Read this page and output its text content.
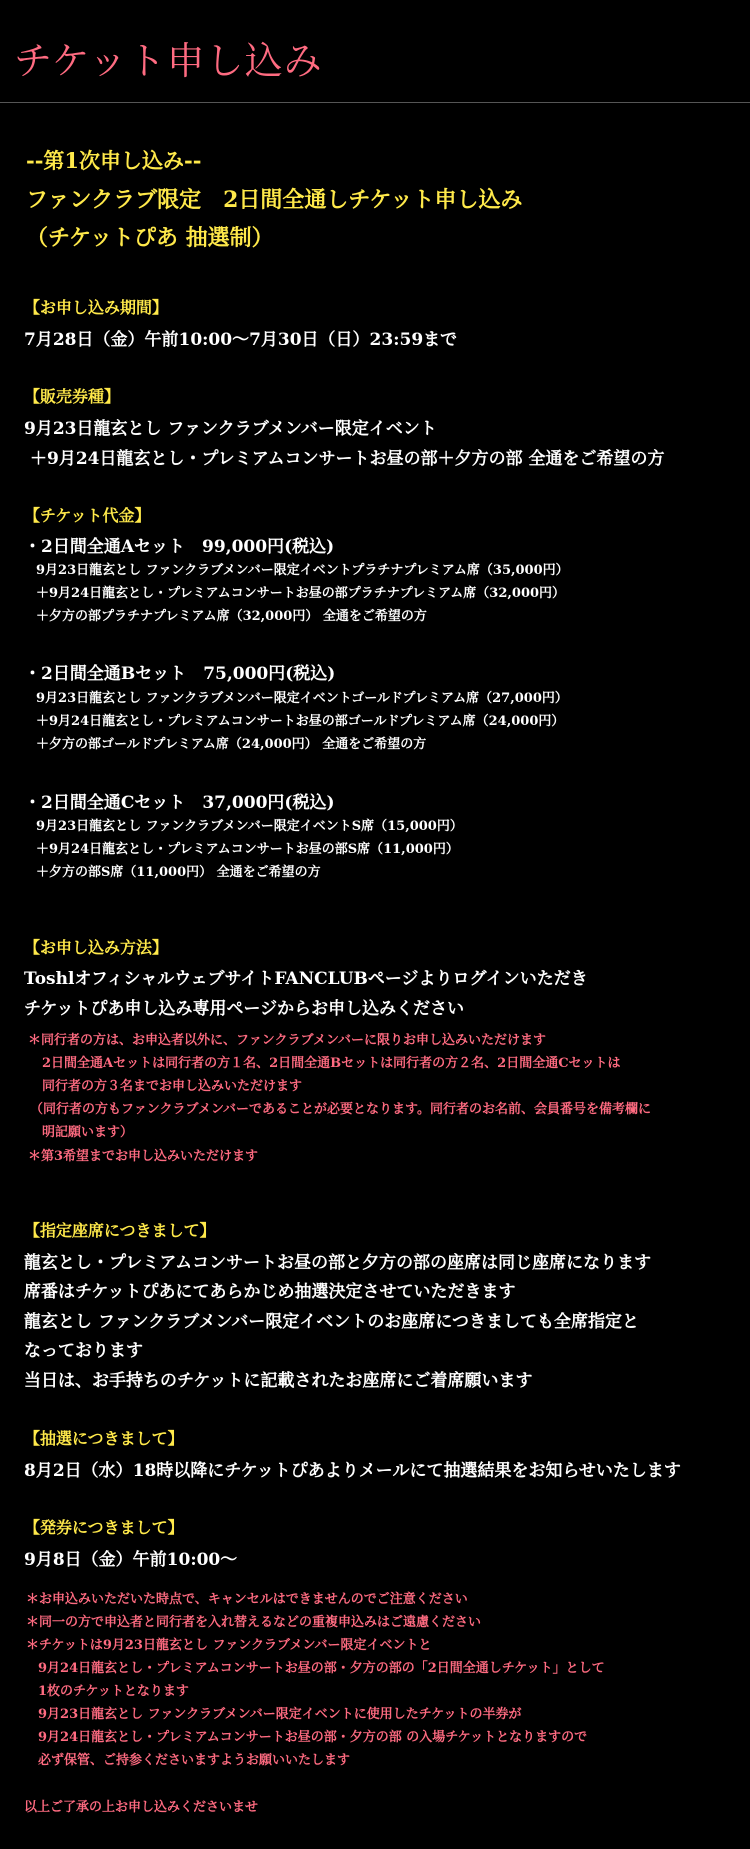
チケット申し込み
--第1次申し込み--
ファンクラブ限定　2日間全通しチケット申し込み
（チケットぴあ 抽選制）
【お申し込み期間】
7月28日（金）午前10:00〜7月30日（日）23:59まで
【販売券種】
9月23日龍玄とし ファンクラブメンバー限定イベント
＋9月24日龍玄とし・プレミアムコンサートお昼の部＋夕方の部 全通をご希望の方
【チケット代金】
・2日間全通Aセット　99,000円(税込)
9月23日龍玄とし ファンクラブメンバー限定イベントプラチナプレミアム席（35,000円）
＋9月24日龍玄とし・プレミアムコンサートお昼の部プラチナプレミアム席（32,000円）
＋夕方の部プラチナプレミアム席（32,000円） 全通をご希望の方
・2日間全通Bセット　75,000円(税込)
9月23日龍玄とし ファンクラブメンバー限定イベントゴールドプレミアム席（27,000円）
＋9月24日龍玄とし・プレミアムコンサートお昼の部ゴールドプレミアム席（24,000円）
＋夕方の部ゴールドプレミアム席（24,000円） 全通をご希望の方
・2日間全通Cセット　37,000円(税込)
9月23日龍玄とし ファンクラブメンバー限定イベントS席（15,000円）
＋9月24日龍玄とし・プレミアムコンサートお昼の部S席（11,000円）
＋夕方の部S席（11,000円） 全通をご希望の方
【お申し込み方法】
ToshlオフィシャルウェブサイトFANCLUBページよりログインいただき
チケットぴあ申し込み専用ページからお申し込みください
＊同行者の方は、お申込者以外に、ファンクラブメンバーに限りお申し込みいただけます
2日間全通Aセットは同行者の方１名、2日間全通Bセットは同行者の方２名、2日間全通Cセットは
同行者の方３名までお申し込みいただけます
（同行者の方もファンクラブメンバーであることが必要となります。同行者のお名前、会員番号を備考欄に
明記願います）
＊第3希望までお申し込みいただけます
【指定座席につきまして】
龍玄とし・プレミアムコンサートお昼の部と夕方の部の座席は同じ座席になります
席番はチケットぴあにてあらかじめ抽選決定させていただきます
龍玄とし ファンクラブメンバー限定イベントのお座席につきましても全席指定と
なっております
当日は、お手持ちのチケットに記載されたお座席にご着席願います
【抽選につきまして】
8月2日（水）18時以降にチケットぴあよりメールにて抽選結果をお知らせいたします
【発券につきまして】
9月8日（金）午前10:00〜
＊お申込みいただいた時点で、キャンセルはできませんのでご注意ください
＊同一の方で申込者と同行者を入れ替えるなどの重複申込みはご遠慮ください
＊チケットは9月23日龍玄とし ファンクラブメンバー限定イベントと
9月24日龍玄とし・プレミアムコンサートお昼の部・夕方の部の「2日間全通しチケット」として
1枚のチケットとなります
9月23日龍玄とし ファンクラブメンバー限定イベントに使用したチケットの半券が
9月24日龍玄とし・プレミアムコンサートお昼の部・夕方の部 の入場チケットとなりますので
必ず保管、ご持参くださいますようお願いいたします
以上ご了承の上お申し込みくださいませ
